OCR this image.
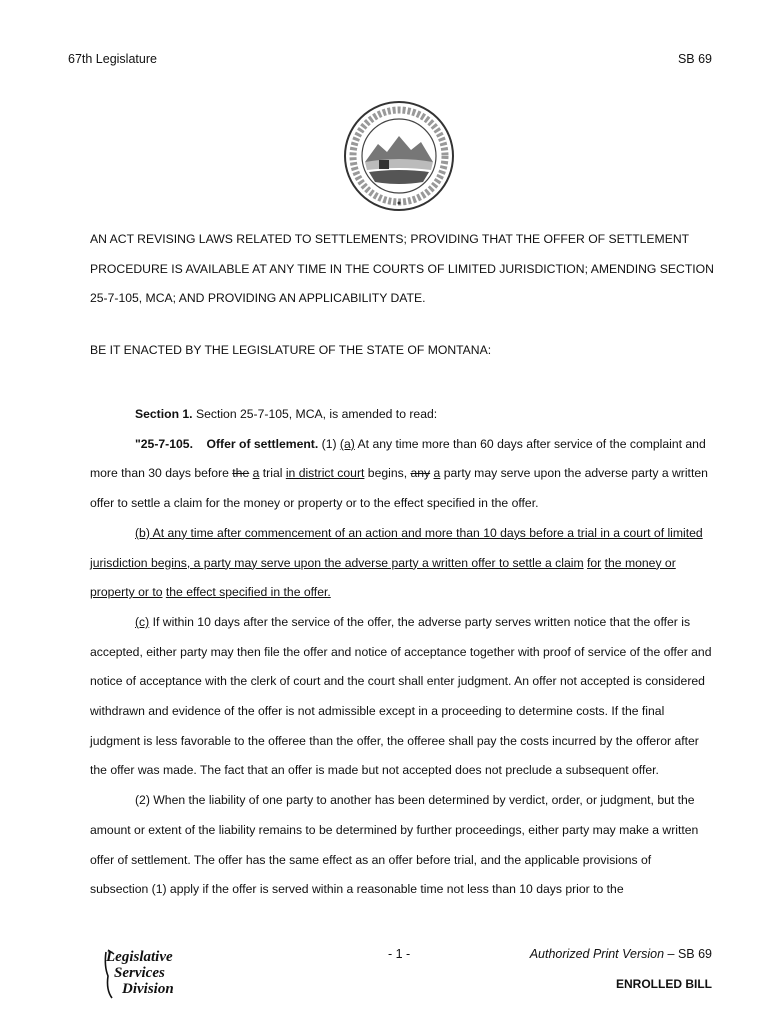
67th Legislature	SB 69
AN ACT REVISING LAWS RELATED TO SETTLEMENTS; PROVIDING THAT THE OFFER OF SETTLEMENT PROCEDURE IS AVAILABLE AT ANY TIME IN THE COURTS OF LIMITED JURISDICTION; AMENDING SECTION 25-7-105, MCA; AND PROVIDING AN APPLICABILITY DATE.
BE IT ENACTED BY THE LEGISLATURE OF THE STATE OF MONTANA:

Section 1. Section 25-7-105, MCA, is amended to read:

"25-7-105. Offer of settlement. (1) (a) At any time more than 60 days after service of the complaint and more than 30 days before the a trial in district court begins, any a party may serve upon the adverse party a written offer to settle a claim for the money or property or to the effect specified in the offer.

(b) At any time after commencement of an action and more than 10 days before a trial in a court of limited jurisdiction begins, a party may serve upon the adverse party a written offer to settle a claim for the money or property or to the effect specified in the offer.

(c) If within 10 days after the service of the offer, the adverse party serves written notice that the offer is accepted, either party may then file the offer and notice of acceptance together with proof of service of the offer and notice of acceptance with the clerk of court and the court shall enter judgment. An offer not accepted is considered withdrawn and evidence of the offer is not admissible except in a proceeding to determine costs. If the final judgment is less favorable to the offeree than the offer, the offeree shall pay the costs incurred by the offeror after the offer was made. The fact that an offer is made but not accepted does not preclude a subsequent offer.

(2) When the liability of one party to another has been determined by verdict, order, or judgment, but the amount or extent of the liability remains to be determined by further proceedings, either party may make a written offer of settlement. The offer has the same effect as an offer before trial, and the applicable provisions of subsection (1) apply if the offer is served within a reasonable time not less than 10 days prior to the

Legislative
Services
Division
- 1 -	Authorized Print Version – SB 69
ENROLLED BILL
